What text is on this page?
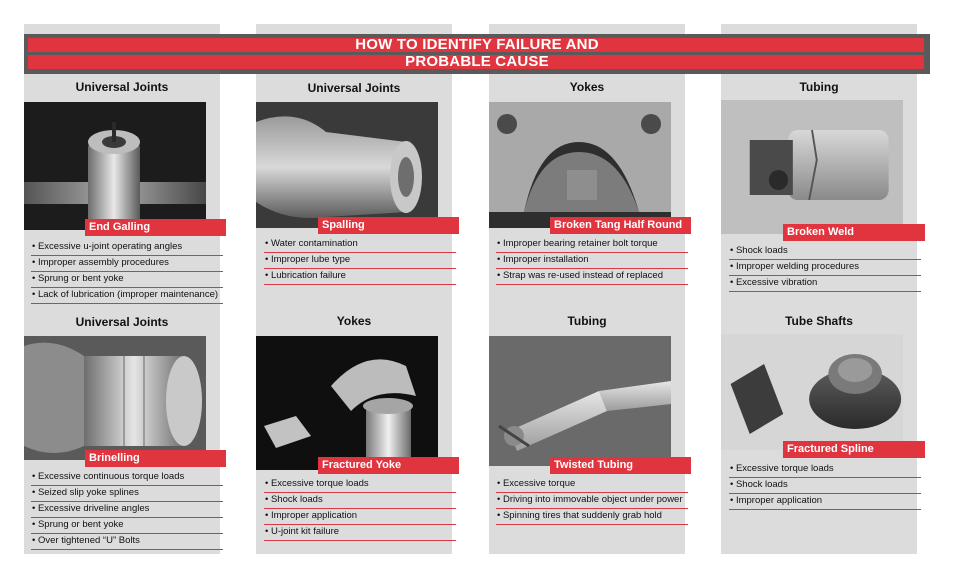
HOW TO IDENTIFY FAILURE AND
PROBABLE CAUSE
Universal Joints
End Galling
• Excessive u-joint operating angles
• Improper assembly procedures
• Sprung or bent yoke
• Lack of lubrication (improper maintenance)
Universal Joints
Spalling
• Water contamination
• Improper lube type
• Lubrication failure
Yokes
Broken Tang Half Round
• Improper bearing retainer bolt torque
• Improper installation
• Strap was re-used instead of replaced
Tubing
Broken Weld
• Shock loads
• Improper welding procedures
• Excessive vibration
Universal Joints
Brinelling
• Excessive continuous torque loads
• Seized slip yoke splines
• Excessive driveline angles
• Sprung or bent yoke
• Over tightened “U” Bolts
Yokes
Fractured Yoke
• Excessive torque loads
• Shock loads
• Improper application
• U-joint kit failure
Tubing
Twisted Tubing
• Excessive torque
• Driving into immovable object under power
• Spinning tires that suddenly grab hold
Tube Shafts
Fractured Spline
• Excessive torque loads
• Shock loads
• Improper application
